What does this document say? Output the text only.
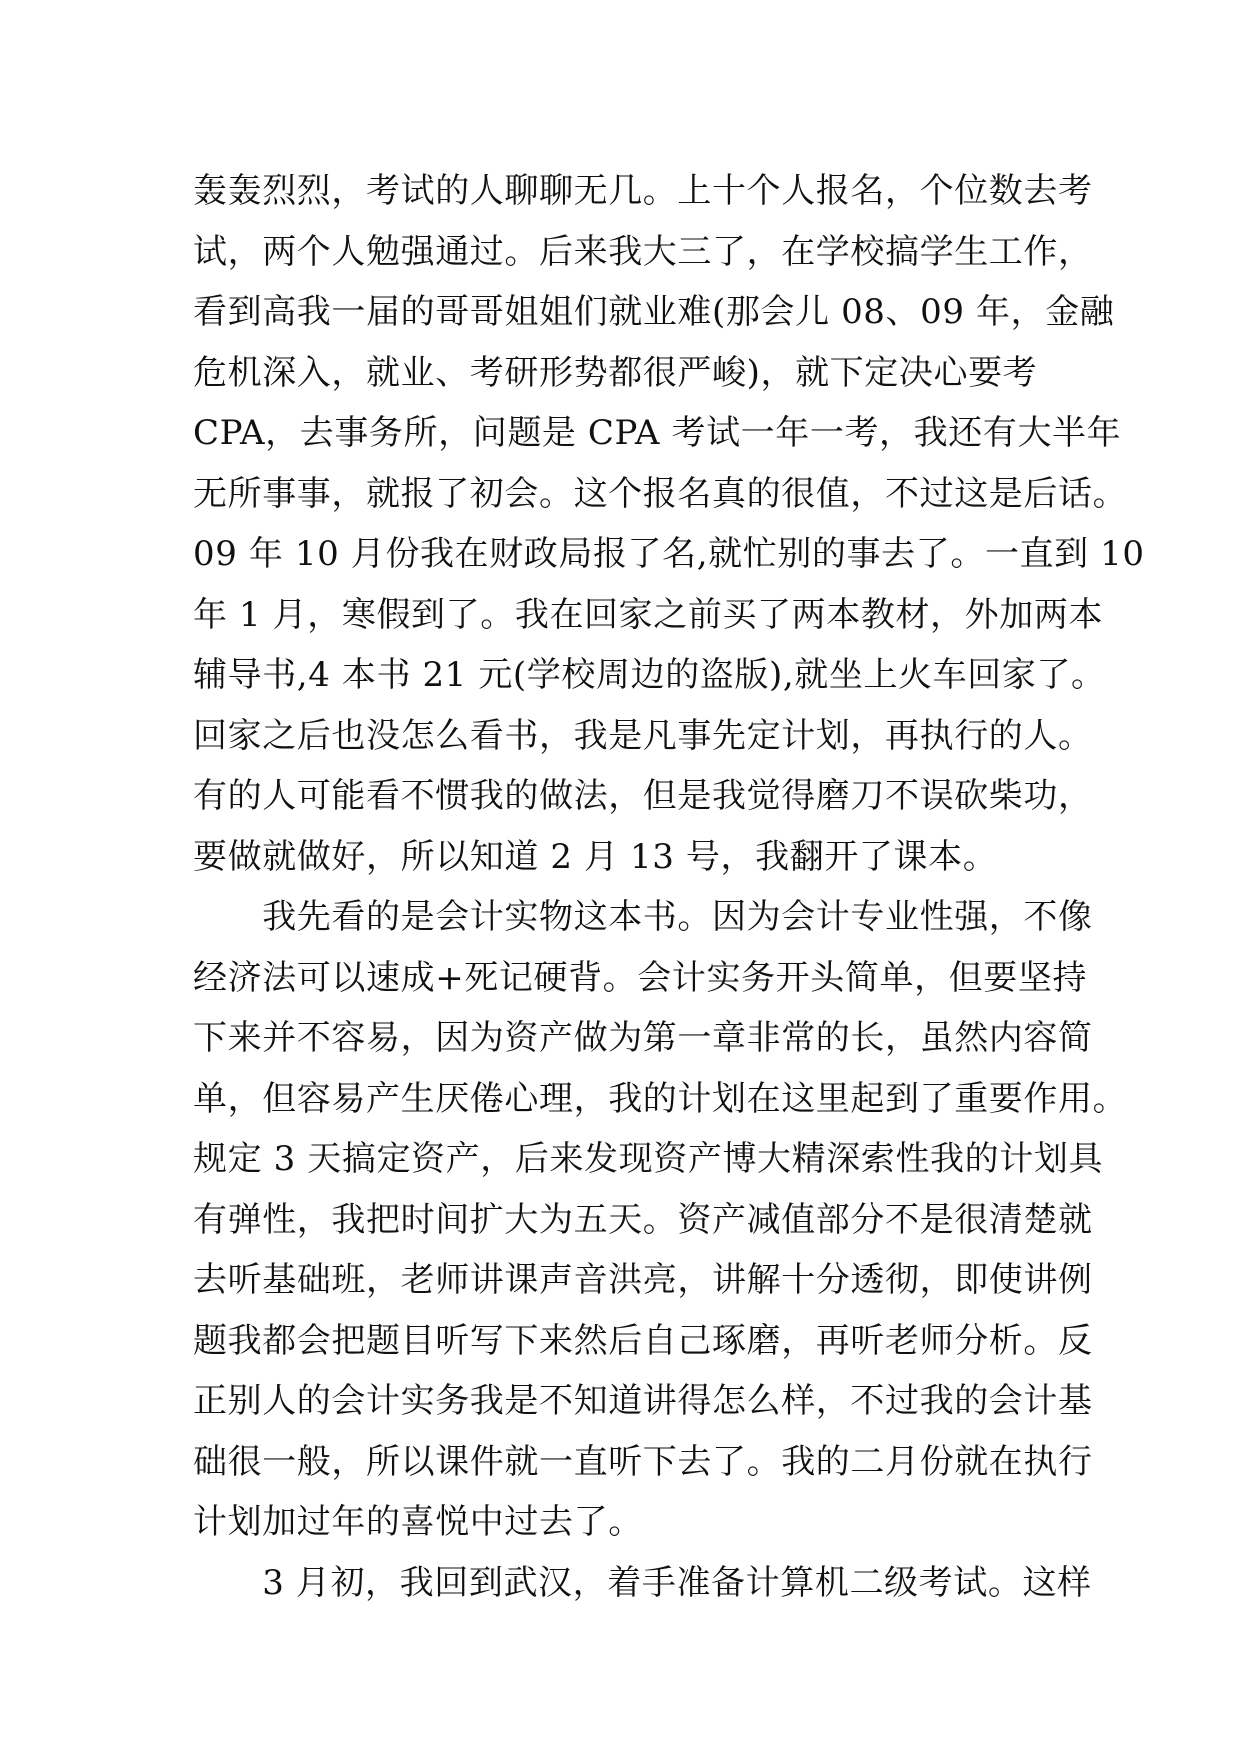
轰轰烈烈，考试的人聊聊无几。上十个人报名，个位数去考
试，两个人勉强通过。后来我大三了，在学校搞学生工作，
看到高我一届的哥哥姐姐们就业难(那会儿 08、09 年，金融
危机深入，就业、考研形势都很严峻)，就下定决心要考
CPA，去事务所，问题是 CPA 考试一年一考，我还有大半年
无所事事，就报了初会。这个报名真的很值，不过这是后话。
09 年 10 月份我在财政局报了名,就忙别的事去了。一直到 10
年 1 月，寒假到了。我在回家之前买了两本教材，外加两本
辅导书,4 本书 21 元(学校周边的盗版),就坐上火车回家了。
回家之后也没怎么看书，我是凡事先定计划，再执行的人。
有的人可能看不惯我的做法，但是我觉得磨刀不误砍柴功，
要做就做好，所以知道 2 月 13 号，我翻开了课本。
　　我先看的是会计实物这本书。因为会计专业性强，不像
经济法可以速成+死记硬背。会计实务开头简单，但要坚持
下来并不容易，因为资产做为第一章非常的长，虽然内容简
单，但容易产生厌倦心理，我的计划在这里起到了重要作用。
规定 3 天搞定资产，后来发现资产博大精深索性我的计划具
有弹性，我把时间扩大为五天。资产减值部分不是很清楚就
去听基础班，老师讲课声音洪亮，讲解十分透彻，即使讲例
题我都会把题目听写下来然后自己琢磨，再听老师分析。反
正别人的会计实务我是不知道讲得怎么样，不过我的会计基
础很一般，所以课件就一直听下去了。我的二月份就在执行
计划加过年的喜悦中过去了。
　　3 月初，我回到武汉，着手准备计算机二级考试。这样
